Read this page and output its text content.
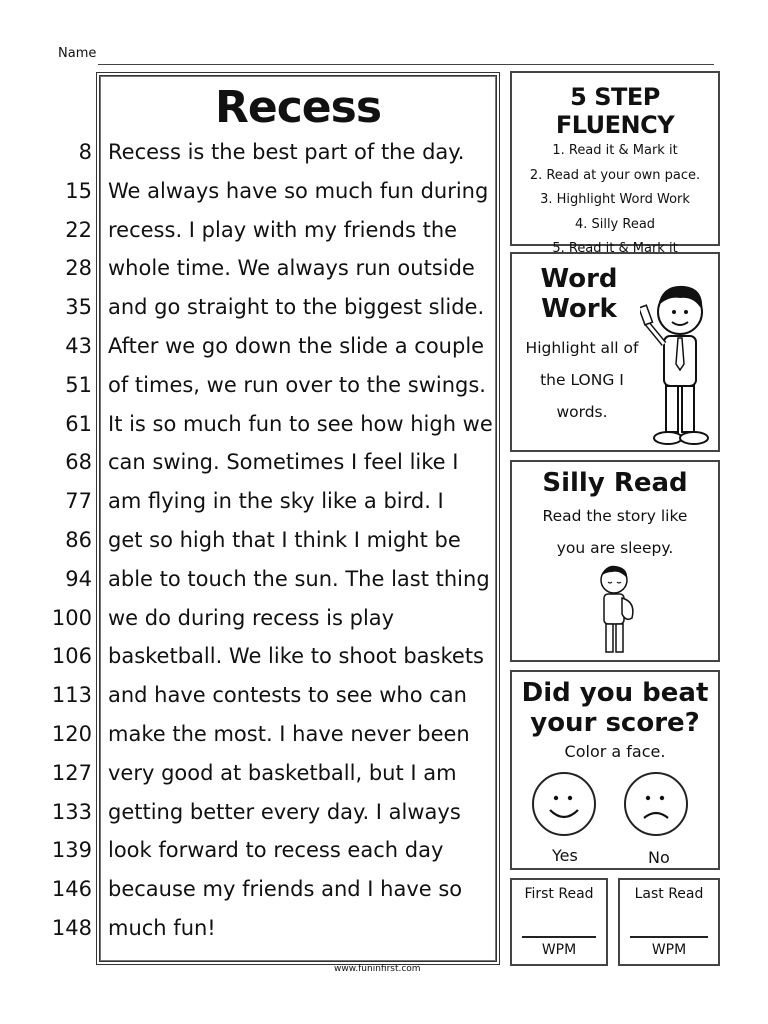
Name
Recess
8 Recess is the best part of the day.
15 We always have so much fun during
22 recess. I play with my friends the
28 whole time. We always run outside
35 and go straight to the biggest slide.
43 After we go down the slide a couple
51 of times, we run over to the swings.
61 It is so much fun to see how high we
68 can swing. Sometimes I feel like I
77 am flying in the sky like a bird. I
86 get so high that I think I might be
94 able to touch the sun. The last thing
100 we do during recess is play
106 basketball. We like to shoot baskets
113 and have contests to see who can
120 make the most. I have never been
127 very good at basketball, but I am
133 getting better every day. I always
139 look forward to recess each day
146 because my friends and I have so
148 much fun!
5 STEP FLUENCY
1. Read it & Mark it
2. Read at your own pace.
3. Highlight Word Work
4. Silly Read
5. Read it & Mark it
Word
Work
Highlight all of
the LONG I
words.
Silly Read
Read the story like
you are sleepy.
Did you beat
your score?
Color a face.
Yes	No
First Read
WPM
Last Read
WPM
www.funinfirst.com
